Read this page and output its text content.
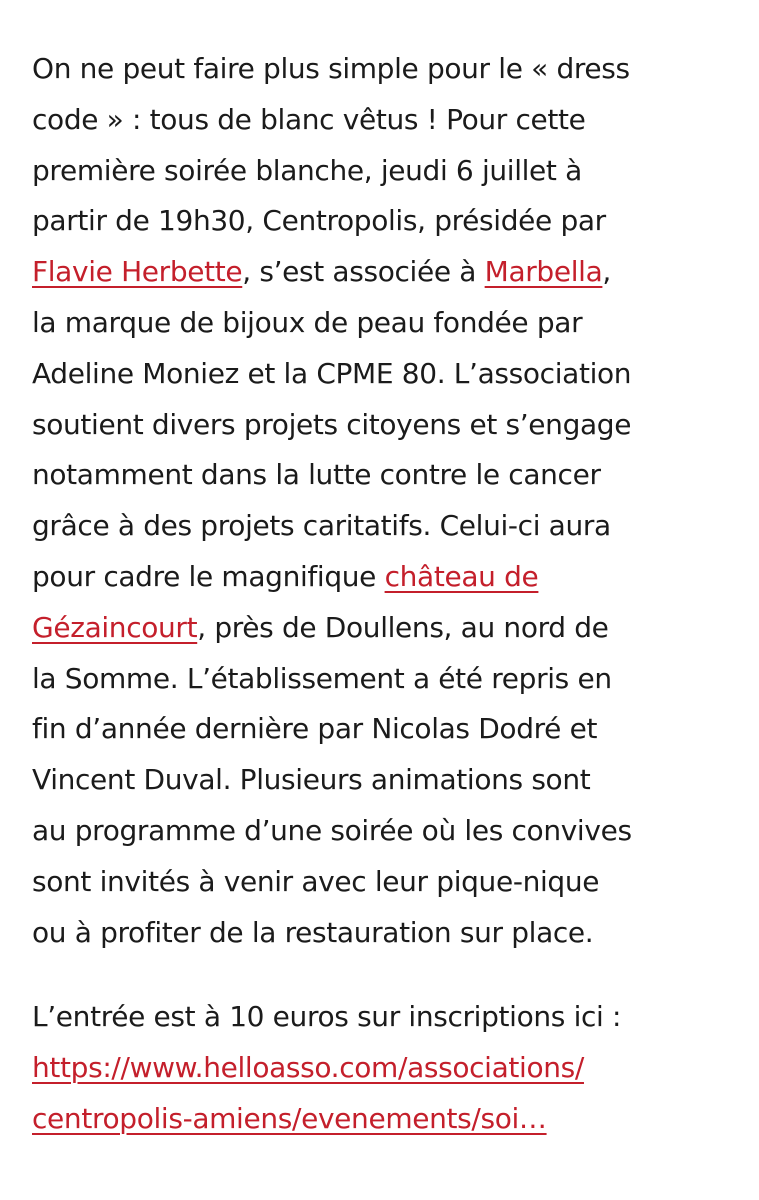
On ne peut faire plus simple pour le « dress
code » : tous de blanc vêtus ! Pour cette
première soirée blanche, jeudi 6 juillet à
partir de 19h30, Centropolis, présidée par
Flavie Herbette, s’est associée à Marbella,
la marque de bijoux de peau fondée par
Adeline Moniez et la CPME 80. L’association
soutient divers projets citoyens et s’engage
notamment dans la lutte contre le cancer
grâce à des projets caritatifs. Celui-ci aura
pour cadre le magnifique château de
Gézaincourt, près de Doullens, au nord de
la Somme. L’établissement a été repris en
fin d’année dernière par Nicolas Dodré et
Vincent Duval. Plusieurs animations sont
au programme d’une soirée où les convives
sont invités à venir avec leur pique-nique
ou à profiter de la restauration sur place.

L’entrée est à 10 euros sur inscriptions ici :
https://www.helloasso.com/associations/
centropolis-amiens/evenements/soi…
